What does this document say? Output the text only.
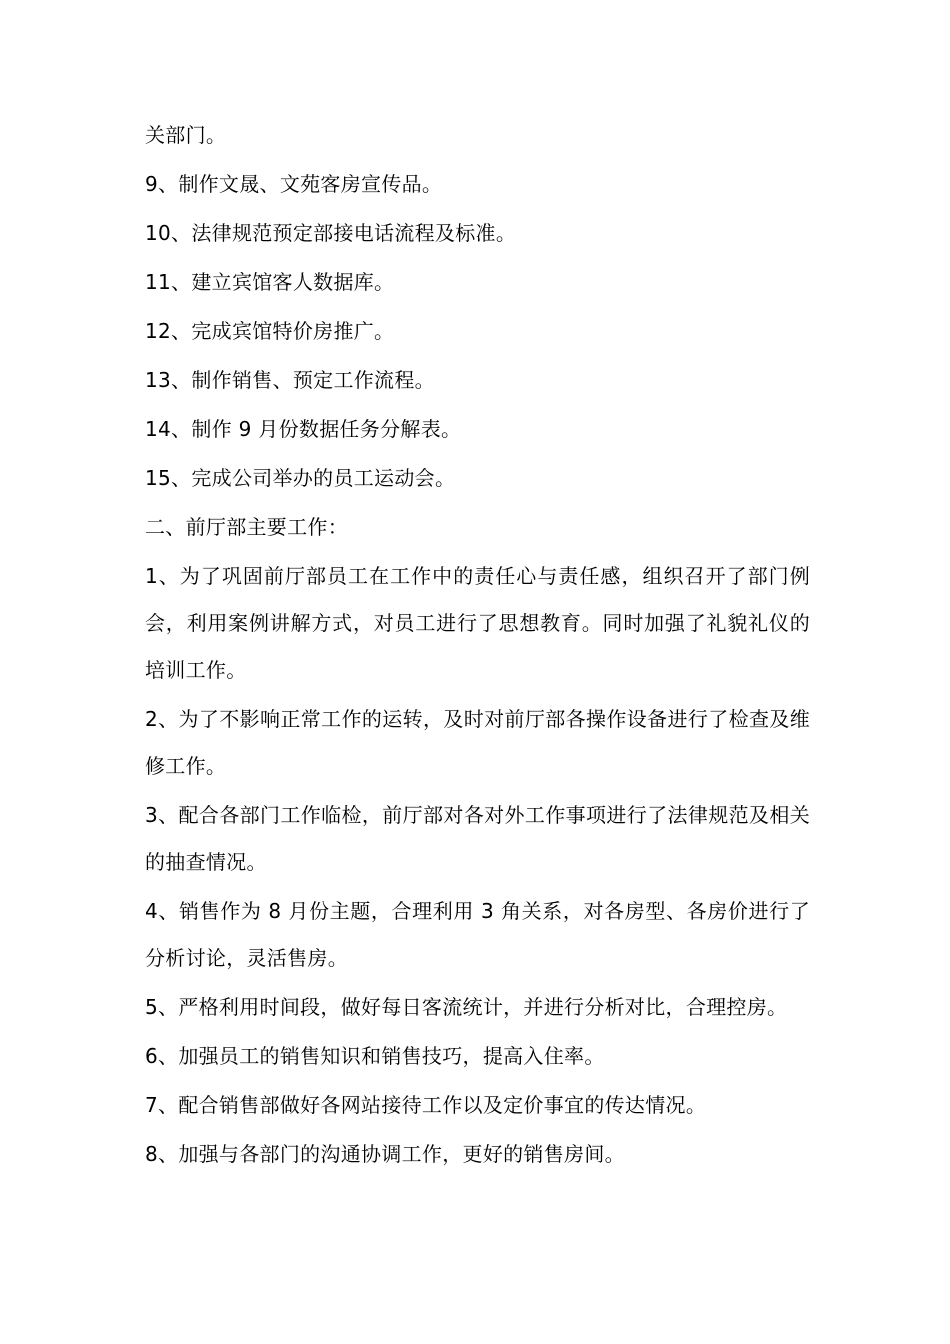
关部门。

9、制作文晟、文苑客房宣传品。

10、法律规范预定部接电话流程及标准。

11、建立宾馆客人数据库。

12、完成宾馆特价房推广。

13、制作销售、预定工作流程。

14、制作 9 月份数据任务分解表。

15、完成公司举办的员工运动会。

二、前厅部主要工作：

1、为了巩固前厅部员工在工作中的责任心与责任感，组织召开了部门例会，利用案例讲解方式，对员工进行了思想教育。同时加强了礼貌礼仪的培训工作。

2、为了不影响正常工作的运转，及时对前厅部各操作设备进行了检查及维修工作。

3、配合各部门工作临检，前厅部对各对外工作事项进行了法律规范及相关的抽查情况。

4、销售作为 8 月份主题，合理利用 3 角关系，对各房型、各房价进行了分析讨论，灵活售房。

5、严格利用时间段，做好每日客流统计，并进行分析对比，合理控房。

6、加强员工的销售知识和销售技巧，提高入住率。

7、配合销售部做好各网站接待工作以及定价事宜的传达情况。

8、加强与各部门的沟通协调工作，更好的销售房间。
